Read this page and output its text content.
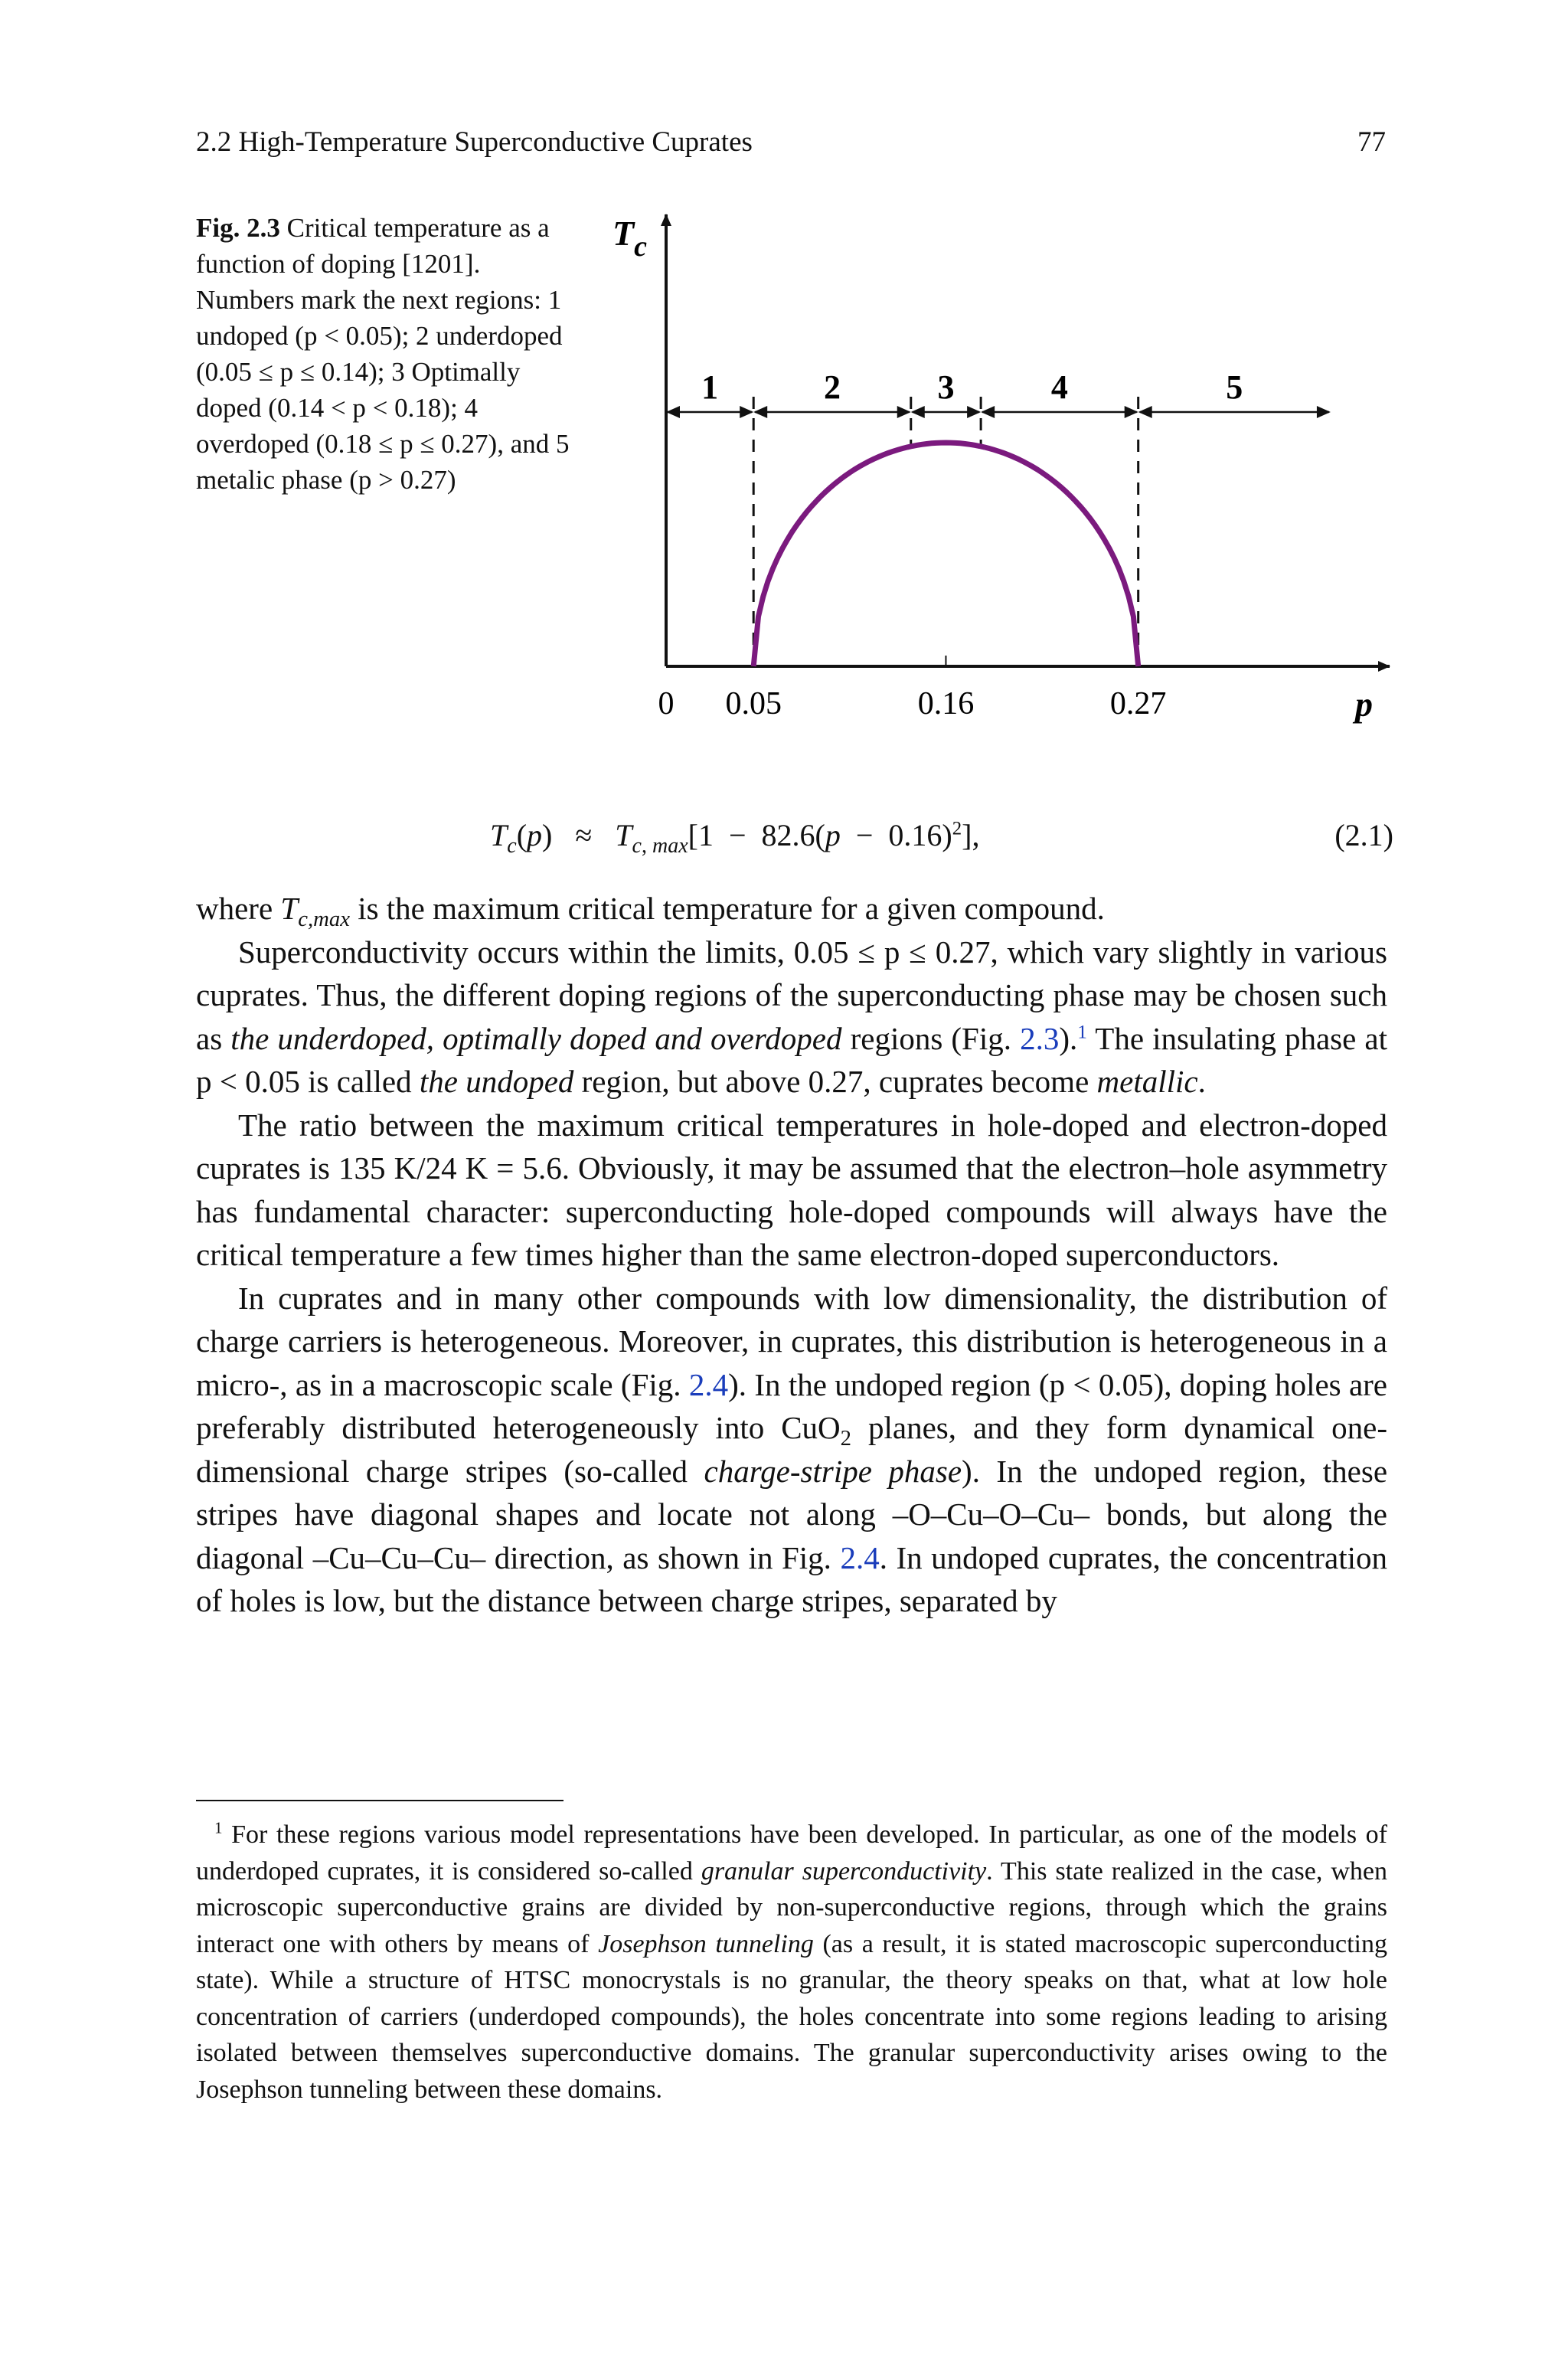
2.2 High-Temperature Superconductive Cuprates	77
Fig. 2.3 Critical temperature as a function of doping [1201]. Numbers mark the next regions: 1 undoped (p < 0.05); 2 underdoped (0.05 ≤ p ≤ 0.14); 3 Optimally doped (0.14 < p < 0.18); 4 overdoped (0.18 ≤ p ≤ 0.27), and 5 metalic phase (p > 0.27)
$T_c$
p
0 0.05	0.16	0.27
1	2	3	4	5
$T_c(p) \approx T_{c, max}[1 - 82.6(p - 0.16)^2]$,	(2.1)

where $T_{c,max}$ is the maximum critical temperature for a given compound.

Superconductivity occurs within the limits, 0.05 ≤ p ≤ 0.27, which vary slightly in various cuprates. Thus, the different doping regions of the superconducting phase may be chosen such as the underdoped, optimally doped and overdoped regions (Fig. 2.3).$^1$ The insulating phase at p < 0.05 is called the undoped region, but above 0.27, cuprates become metallic.

The ratio between the maximum critical temperatures in hole-doped and electron-doped cuprates is 135 K/24 K = 5.6. Obviously, it may be assumed that the electron–hole asymmetry has fundamental character: superconducting hole-doped compounds will always have the critical temperature a few times higher than the same electron-doped superconductors.

In cuprates and in many other compounds with low dimensionality, the distribution of charge carriers is heterogeneous. Moreover, in cuprates, this distribution is heterogeneous in a micro-, as in a macroscopic scale (Fig. 2.4). In the undoped region (p < 0.05), doping holes are preferably distributed heterogeneously into CuO$_2$ planes, and they form dynamical one-dimensional charge stripes (so-called charge-stripe phase). In the undoped region, these stripes have diagonal shapes and locate not along –O–Cu–O–Cu– bonds, but along the diagonal –Cu–Cu–Cu– direction, as shown in Fig. 2.4. In undoped cuprates, the concentration of holes is low, but the distance between charge stripes, separated by

$^1$ For these regions various model representations have been developed. In particular, as one of the models of underdoped cuprates, it is considered so-called granular superconductivity. This state realized in the case, when microscopic superconductive grains are divided by non-superconductive regions, through which the grains interact one with others by means of Josephson tunneling (as a result, it is stated macroscopic superconducting state). While a structure of HTSC monocrystals is no granular, the theory speaks on that, what at low hole concentration of carriers (underdoped compounds), the holes concentrate into some regions leading to arising isolated between themselves superconductive domains. The granular superconductivity arises owing to the Josephson tunneling between these domains.
